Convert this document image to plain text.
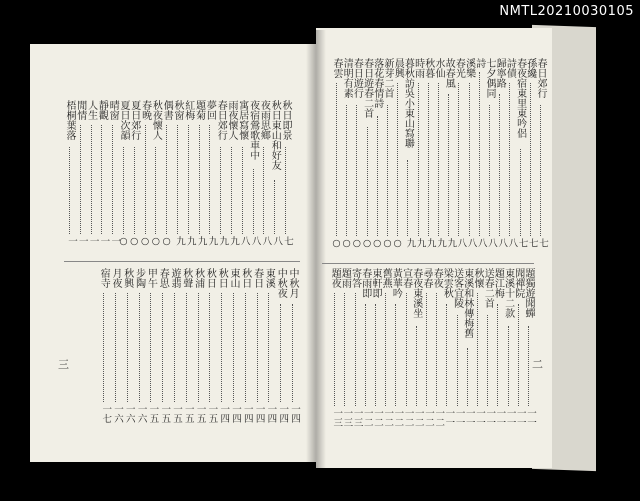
NMTL20210030105
二
三
春日郊行
七
孫纔
七
春夜宿東里東吟侶
七
詩債
八
歸寧路
八
七夕偶同
八
詩
八
溪樂
八
春光
八
故春風
九
水仙
九
秋暮
九
時雨
九
暮秋訪吳小東山寫聯
九
晨興
○
新芽二首
○
落花春情詩
○
春日遊春二首
○
春日遊行
○
清明有素
○
春雲
○
題獨遊聞蟬
一一
聞禪院
一一
東溪十二款
一一
題江梅
一一
送春二首
一一
秋懷
一一
東溪和林傳梅舊
一一
送客宜陵
一一
梁雲秋
一一
春夜
一二
尋春
一二
春夜東溪坐
一二
宣春
一二
黃華吟
一二
舊燕
一二
東軒即
一二
春雨即
一二
寄答
一三
題雨
一三
題夜
一三
秋日即景
七
秋日東山和好友
八
夜雨思鄉
八
夜宿鶯歌車中
八
寓居寫懷
八
雨夜懷人
九
春日郊行
九
夢回
九
題菊
九
紅梅
九
秋窗
九
偶書
○
秋夜懷人
○
春晚
○
夏日郊行
○
夏日次韻
○
晴窗
一
靜觀
一
人生
一
閒情
一
梧桐葉落
一
中秋月
一四
中秋夜
一四
東溪
一四
春日
一四
秋日
一四
東山
一四
秋日
一四
秋日
一五
秋浦
一五
秋聲
一五
遊翡
一五
春思
一五
甲午
一五
步陶
一六
秋興
一六
月夜
一六
宿寺
一七
